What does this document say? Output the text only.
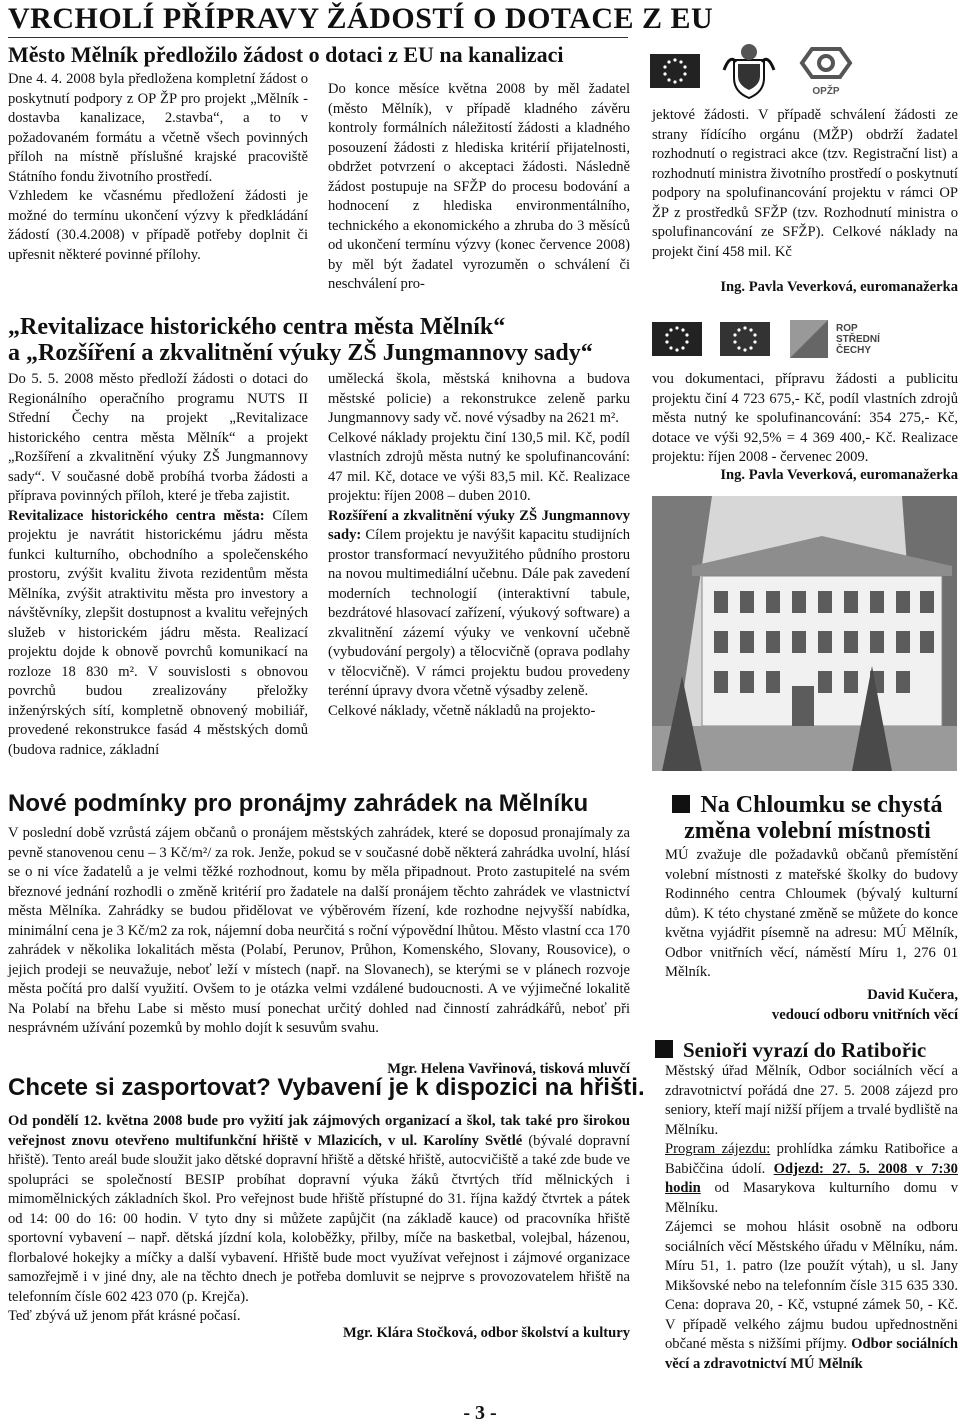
VRCHOLÍ PŘÍPRAVY ŽÁDOSTÍ O DOTACE Z EU
Město Mělník předložilo žádost o dotaci z EU na kanalizaci
OPŽP

Dne 4. 4. 2008 byla předložena kompletní žádost o poskytnutí podpory z OP ŽP pro projekt „Mělník - dostavba kanalizace, 2.stavba“, a to v požadovaném formátu a včetně všech povinných příloh na místně příslušné krajské pracoviště Státního fondu životního prostředí.

Vzhledem ke včasnému předložení žádosti je možné do termínu ukončení výzvy k předkládání žádostí (30.4.2008) v případě potřeby doplnit či upřesnit některé povinné přílohy.

Do konce měsíce května 2008 by měl žadatel (město Mělník), v případě kladného závěru kontroly formálních náležitostí žádosti a kladného posouzení žádosti z hlediska kritérií přijatelnosti, obdržet potvrzení o akceptaci žádosti. Následně žádost postupuje na SFŽP do procesu bodování a hodnocení z hlediska environmentálního, technického a ekonomického a zhruba do 3 měsíců od ukončení termínu výzvy (konec července 2008) by měl být žadatel vyrozuměn o schválení či neschválení pro-
jektové žádosti. V případě schválení žádosti ze strany řídícího orgánu (MŽP) obdrží žadatel rozhodnutí o registraci akce (tzv. Registrační list) a rozhodnutí ministra životního prostředí o poskytnutí podpory na spolufinancování projektu v rámci OP ŽP z prostředků SFŽP (tzv. Rozhodnutí ministra o spolufinancování ze SFŽP). Celkové náklady na projekt činí 458 mil. Kč
Ing. Pavla Veverková, euromanažerka
„Revitalizace historického centra města Mělník“
a „Rozšíření a zkvalitnění výuky ZŠ Jungmannovy sady“
ROP
STŘEDNÍ
ČECHY

Do 5. 5. 2008 město předloží žádosti o dotaci do Regionálního operačního programu NUTS II Střední Čechy na projekt „Revitalizace historického centra města Mělník“ a projekt „Rozšíření a zkvalitnění výuky ZŠ Jungmannovy sady“. V současné době probíhá tvorba žádosti a příprava povinných příloh, které je třeba zajistit.

Revitalizace historického centra města: Cílem projektu je navrátit historickému jádru města funkci kulturního, obchodního a společenského prostoru, zvýšit kvalitu života rezidentům města Mělníka, zvýšit atraktivitu města pro investory a návštěvníky, zlepšit dostupnost a kvalitu veřejných služeb v historickém jádru města. Realizací projektu dojde k obnově povrchů komunikací na rozloze 18 830 m². V souvislosti s obnovou povrchů budou zrealizovány přeložky inženýrských sítí, kompletně obnovený mobiliář, provedené rekonstrukce fasád 4 městských domů (budova radnice, základní

umělecká škola, městská knihovna a budova městské policie) a rekonstrukce zeleně parku Jungmannovy sady vč. nové výsadby na 2621 m².

Celkové náklady projektu činí 130,5 mil. Kč, podíl vlastních zdrojů města nutný ke spolufinancování: 47 mil. Kč, dotace ve výši 83,5 mil. Kč. Realizace projektu: říjen 2008 – duben 2010.

Rozšíření a zkvalitnění výuky ZŠ Jungmannovy sady: Cílem projektu je navýšit kapacitu studijních prostor transformací nevyužitého půdního prostoru na novou multimediální učebnu. Dále pak zavedení moderních technologií (interaktivní tabule, bezdrátové hlasovací zařízení, výukový software) a zkvalitnění zázemí výuky ve venkovní učebně (vybudování pergoly) a tělocvičně (oprava podlahy v tělocvičně). V rámci projektu budou provedeny terénní úpravy dvora včetně výsadby zeleně.

Celkové náklady, včetně nákladů na projekto-

vou dokumentaci, přípravu žádosti a publicitu projektu činí 4 723 675,- Kč, podíl vlastních zdrojů města nutný ke spolufinancování: 354 275,- Kč, dotace ve výši 92,5% = 4 369 400,- Kč. Realizace projektu: říjen 2008 - červenec 2009.
Ing. Pavla Veverková, euromanažerka
Nové podmínky pro pronájmy zahrádek na Mělníku
V poslední době vzrůstá zájem občanů o pronájem městských zahrádek, které se doposud pronajímaly za pevně stanovenou cenu – 3 Kč/m²/ za rok. Jenže, pokud se v současné době některá zahrádka uvolní, hlásí se o ni více žadatelů a je velmi těžké rozhodnout, komu by měla připadnout. Proto zastupitelé na svém březnové jednání rozhodli o změně kritérií pro žadatele na další pronájem těchto zahrádek ve vlastnictví města Mělníka. Zahrádky se budou přidělovat ve výběrovém řízení, kde rozhodne nejvyšší nabídka, minimální cena je 3 Kč/m2 za rok, nájemní doba neurčitá s roční výpovědní lhůtou. Město vlastní cca 170 zahrádek v několika lokalitách města (Polabí, Perunov, Průhon, Komenského, Slovany, Rousovice), o jejich prodeji se neuvažuje, neboť leží v místech (např. na Slovanech), se kterými se v plánech rozvoje města počítá pro další využití. Ovšem to je otázka velmi vzdálené budoucnosti. A ve výjimečné lokalitě Na Polabí na břehu Labe si město musí ponechat určitý dohled nad činností zahrádkářů, neboť při nesprávném užívání pozemků by mohlo dojít k sesuvům svahu.
Mgr. Helena Vavřinová, tisková mluvčí
Chcete si zasportovat? Vybavení je k dispozici na hřišti.

Od pondělí 12. května 2008 bude pro vyžití jak zájmových organizací a škol, tak také pro širokou veřejnost znovu otevřeno multifunkční hřiště v Mlazicích, v ul. Karolíny Světlé (bývalé dopravní hřiště). Tento areál bude sloužit jako dětské dopravní hřiště a dětské hřiště, autocvičiště a také zde bude ve spolupráci se společností BESIP probíhat dopravní výuka žáků čtvrtých tříd mělnických i mimomělnických základních škol. Pro veřejnost bude hřiště přístupné do 31. října každý čtvrtek a pátek od 14: 00 do 16: 00 hodin. V tyto dny si můžete zapůjčit (na základě kauce) od pracovníka hřiště sportovní vybavení – např. dětská jízdní kola, koloběžky, přilby, míče na basketbal, volejbal, házenou, florbalové hokejky a míčky a další vybavení. Hřiště bude moct využívat veřejnost i zájmové organizace samozřejmě i v jiné dny, ale na těchto dnech je potřeba domluvit se nejprve s provozovatelem hřiště na telefonním čísle 602 423 070 (p. Krejča).

Teď zbývá už jenom přát krásné počasí.

Mgr. Klára Stočková, odbor školství a kultury
Na Chloumku se chystá
změna volební místnosti
MÚ zvažuje dle požadavků občanů přemístění volební místnosti z mateřské školky do budovy Rodinného centra Chloumek (bývalý kulturní dům). K této chystané změně se můžete do konce května vyjádřit písemně na adresu: MÚ Mělník, Odbor vnitřních věcí, náměstí Míru 1, 276 01 Mělník.
David Kučera,
vedoucí odboru vnitřních věcí
Senioři vyrazí do Ratibořic

Městský úřad Mělník, Odbor sociálních věcí a zdravotnictví pořádá dne 27. 5. 2008 zájezd pro seniory, kteří mají nižší příjem a trvalé bydliště na Mělníku.

Program zájezdu: prohlídka zámku Ratibořice a Babiččina údolí. Odjezd: 27. 5. 2008 v 7:30 hodin od Masarykova kulturního domu v Mělníku.

Zájemci se mohou hlásit osobně na odboru sociálních věcí Městského úřadu v Mělníku, nám. Míru 51, 1. patro (lze použít výtah), u sl. Jany Mikšovské nebo na telefonním čísle 315 635 330. Cena: doprava 20, - Kč, vstupné zámek 50, - Kč. V případě velkého zájmu budou upřednostněni občané města s nižšími příjmy. Odbor sociálních věcí a zdravotnictví MÚ Mělník

- 3 -
